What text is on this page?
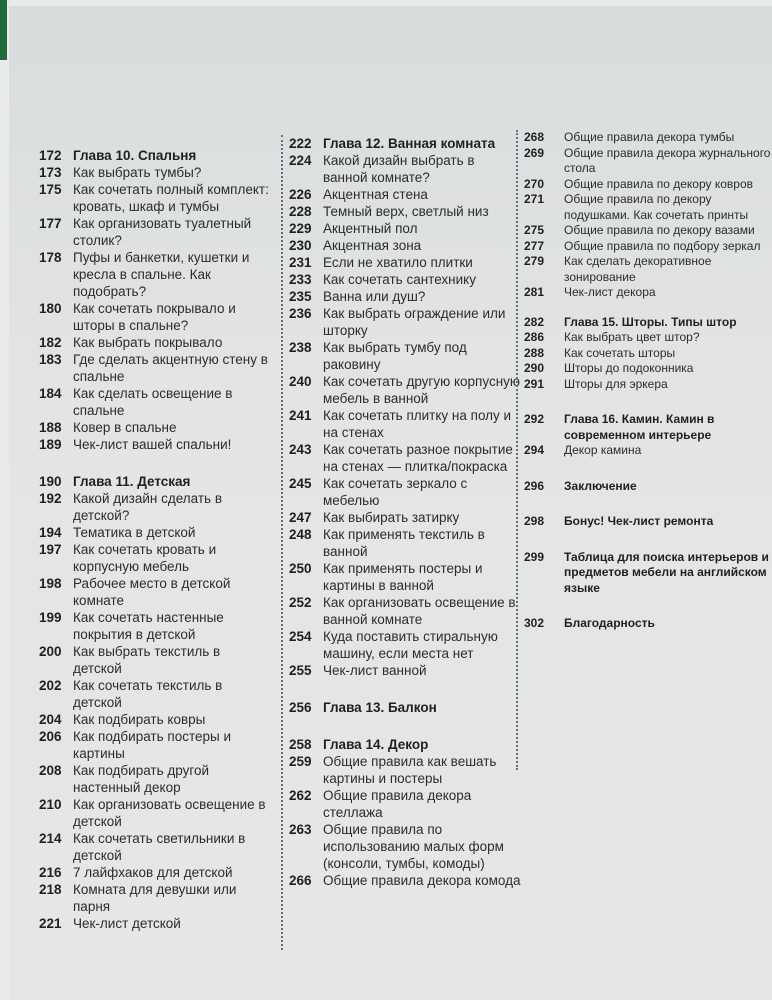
172 Глава 10. Спальня
173 Как выбрать тумбы?
175 Как сочетать полный комплект: кровать, шкаф и тумбы
177 Как организовать туалетный столик?
178 Пуфы и банкетки, кушетки и кресла в спальне. Как подобрать?
180 Как сочетать покрывало и шторы в спальне?
182 Как выбрать покрывало
183 Где сделать акцентную стену в спальне
184 Как сделать освещение в спальне
188 Ковер в спальне
189 Чек-лист вашей спальни!
190 Глава 11. Детская
192 Какой дизайн сделать в детской?
194 Тематика в детской
197 Как сочетать кровать и корпусную мебель
198 Рабочее место в детской комнате
199 Как сочетать настенные покрытия в детской
200 Как выбрать текстиль в детской
202 Как сочетать текстиль в детской
204 Как подбирать ковры
206 Как подбирать постеры и картины
208 Как подбирать другой настенный декор
210 Как организовать освещение в детской
214 Как сочетать светильники в детской
216 7 лайфхаков для детской
218 Комната для девушки или парня
221 Чек-лист детской
222 Глава 12. Ванная комната
224 Какой дизайн выбрать в ванной комнате?
226 Акцентная стена
228 Темный верх, светлый низ
229 Акцентный пол
230 Акцентная зона
231 Если не хватило плитки
233 Как сочетать сантехнику
235 Ванна или душ?
236 Как выбрать ограждение или шторку
238 Как выбрать тумбу под раковину
240 Как сочетать другую корпусную мебель в ванной
241 Как сочетать плитку на полу и на стенах
243 Как сочетать разное покрытие на стенах — плитка/покраска
245 Как сочетать зеркало с мебелью
247 Как выбирать затирку
248 Как применять текстиль в ванной
250 Как применять постеры и картины в ванной
252 Как организовать освещение в ванной комнате
254 Куда поставить стиральную машину, если места нет
255 Чек-лист ванной
256 Глава 13. Балкон
258 Глава 14. Декор
259 Общие правила как вешать картины и постеры
262 Общие правила декора стеллажа
263 Общие правила по использованию малых форм (консоли, тумбы, комоды)
266 Общие правила декора комода
268	Общие правила декора тумбы
269	Общие правила декора журнального стола
270	Общие правила по декору ковров
271	Общие правила по декору подушками. Как сочетать принты
275	Общие правила по декору вазами
277	Общие правила по подбору зеркал
279	Как сделать декоративное зонирование
281	Чек-лист декора
282	Глава 15. Шторы. Типы штор
286	Как выбрать цвет штор?
288	Как сочетать шторы
290	Шторы до подоконника
291	Шторы для эркера
292	Глава 16. Камин. Камин в современном интерьере
294	Декор камина
296	Заключение
298	Бонус! Чек-лист ремонта
299	Таблица для поиска интерьеров и предметов мебели на английском языке
302	Благодарность
